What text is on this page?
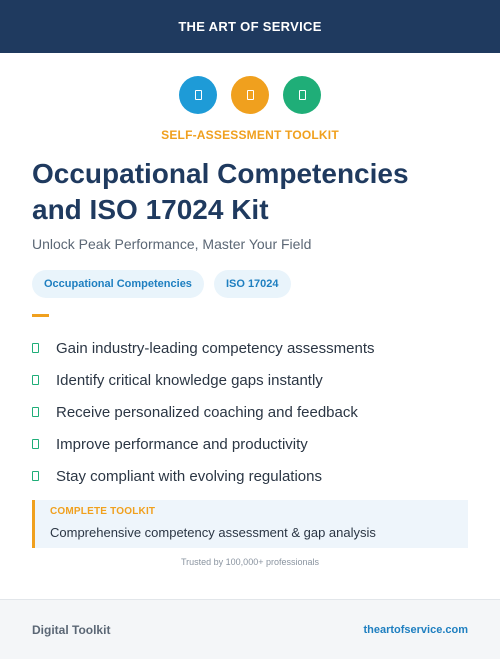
THE ART OF SERVICE
SELF-ASSESSMENT TOOLKIT
Occupational Competencies
and ISO 17024 Kit
Unlock Peak Performance, Master Your Field
Occupational Competencies	ISO 17024
Gain industry-leading competency assessments
Identify critical knowledge gaps instantly
Receive personalized coaching and feedback
Improve performance and productivity
Stay compliant with evolving regulations
COMPLETE TOOLKIT
Comprehensive competency assessment & gap analysis
Trusted by 100,000+ professionals
Digital Toolkit	theartofservice.com
